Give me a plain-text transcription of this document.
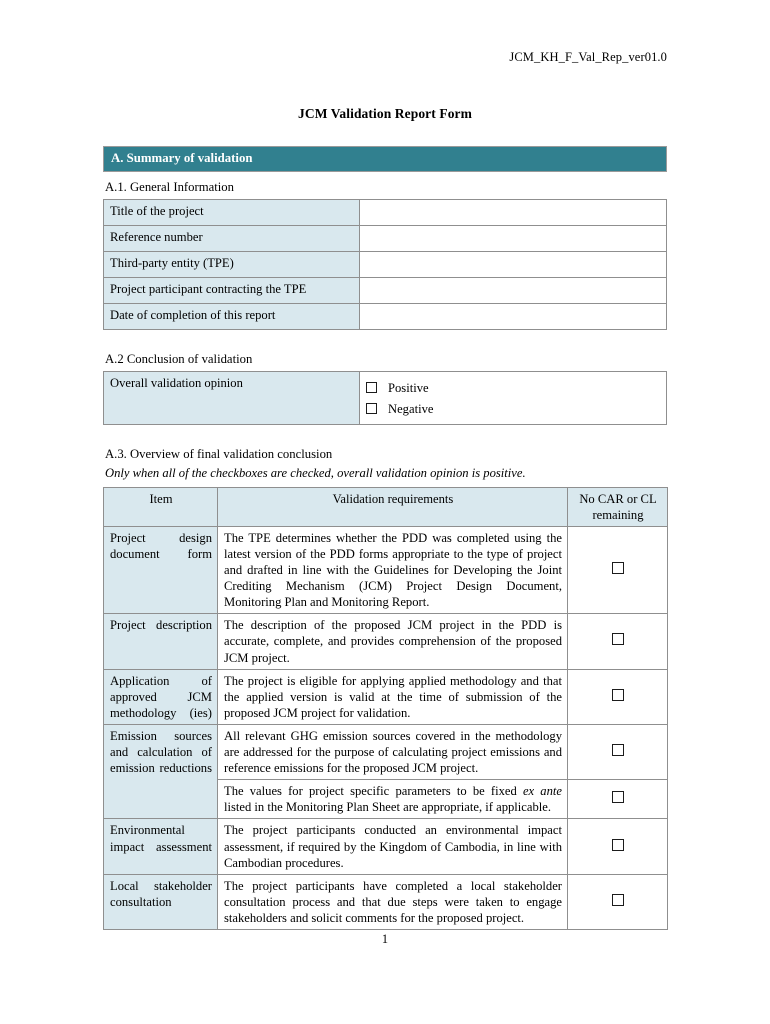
JCM_KH_F_Val_Rep_ver01.0
JCM Validation Report Form
A. Summary of validation
A.1. General Information
Title of the project	
Reference number	
Third-party entity (TPE)	
Project participant contracting the TPE	
Date of completion of this report	
A.2 Conclusion of validation
Overall validation opinion	Positive
Negative
A.3. Overview of final validation conclusion
Only when all of the checkboxes are checked, overall validation opinion is positive.
Item	Validation requirements	No CAR or CL remaining
Project design document form	The TPE determines whether the PDD was completed using the latest version of the PDD forms appropriate to the type of project and drafted in line with the Guidelines for Developing the Joint Crediting Mechanism (JCM) Project Design Document, Monitoring Plan and Monitoring Report.	
Project description	The description of the proposed JCM project in the PDD is accurate, complete, and provides comprehension of the proposed JCM project.	
Application of approved JCM methodology (ies)	The project is eligible for applying applied methodology and that the applied version is valid at the time of submission of the proposed JCM project for validation.	
Emission sources and calculation of emission reductions	All relevant GHG emission sources covered in the methodology are addressed for the purpose of calculating project emissions and reference emissions for the proposed JCM project.	
	The values for project specific parameters to be fixed ex ante listed in the Monitoring Plan Sheet are appropriate, if applicable.	
Environmental impact assessment	The project participants conducted an environmental impact assessment, if required by the Kingdom of Cambodia, in line with Cambodian procedures.	
Local stakeholder consultation	The project participants have completed a local stakeholder consultation process and that due steps were taken to engage stakeholders and solicit comments for the proposed project.	
1
